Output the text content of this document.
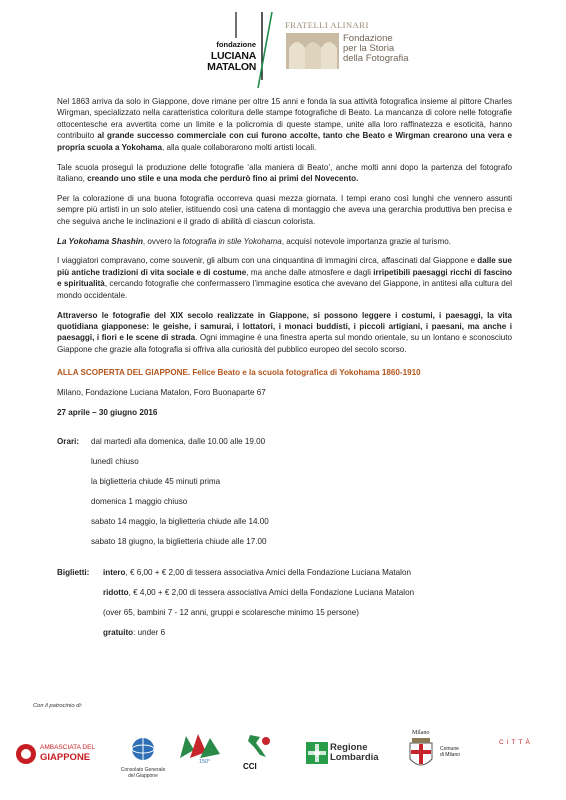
fondazione
LUCIANA
MATALON
FRATELLI ALINARI
Fondazione
per la Storia
della Fotografia

Nel 1863 arriva da solo in Giappone, dove rimane per oltre 15 anni e fonda la sua attività fotografica insieme al pittore Charles Wirgman, specializzato nella caratteristica coloritura delle stampe fotografiche di Beato. La mancanza di colore nelle fotografie ottocentesche era avvertita come un limite e la policromia di queste stampe, unite alla loro raffinatezza e esoticità, hanno contribuito al grande successo commerciale con cui furono accolte, tanto che Beato e Wirgman crearono una vera e propria scuola a Yokohama, alla quale collaborarono molti artisti locali.

Tale scuola proseguì la produzione delle fotografie ‘alla maniera di Beato’, anche molti anni dopo la partenza del fotografo italiano, creando uno stile e una moda che perdurò fino ai primi del Novecento.

Per la colorazione di una buona fotografia occorreva quasi mezza giornata. I tempi erano così lunghi che vennero assunti sempre più artisti in un solo atelier, istituendo così una catena di montaggio che aveva una gerarchia produttiva ben precisa e che seguiva anche le inclinazioni e il grado di abilità di ciascun colorista.

La Yokohama Shashin, ovvero la fotografia in stile Yokohama, acquisì notevole importanza grazie al turismo.

I viaggiatori compravano, come souvenir, gli album con una cinquantina di immagini circa, affascinati dal Giappone e dalle sue più antiche tradizioni di vita sociale e di costume, ma anche dalle atmosfere e dagli irripetibili paesaggi ricchi di fascino e spiritualità, cercando fotografie che confermassero l’immagine esotica che avevano del Giappone, in antitesi alla cultura del mondo occidentale.

Attraverso le fotografie del XIX secolo realizzate in Giappone, si possono leggere i costumi, i paesaggi, la vita quotidiana giapponese: le geishe, i samurai, i lottatori, i monaci buddisti, i piccoli artigiani, i paesani, ma anche i paesaggi, i fiori e le scene di strada. Ogni immagine è una finestra aperta sul mondo orientale, su un lontano e sconosciuto Giappone che grazie alla fotografia si offriva alla curiosità del pubblico europeo del secolo scorso.

ALLA SCOPERTA DEL GIAPPONE. Felice Beato e la scuola fotografica di Yokohama 1860-1910

Milano, Fondazione Luciana Matalon, Foro Buonaparte 67

27 aprile – 30 giugno 2016

Orari:	dal martedì alla domenica, dalle 10.00 alle 19.00

lunedì chiuso

la biglietteria chiude 45 minuti prima

domenica 1 maggio chiuso

sabato 14 maggio, la biglietteria chiude alle 14.00

sabato 18 giugno, la biglietteria chiude alle 17.00

Biglietti:	intero, € 6,00 + € 2,00 di tessera associativa Amici della Fondazione Luciana Matalon

ridotto, € 4,00 + € 2,00 di tessera associativa Amici della Fondazione Luciana Matalon

(over 65, bambini 7 - 12 anni, gruppi e scolaresche minimo 15 persone)

gratuito: under 6

Con il patrocinio di:
AMBASCIATA DEL
GIAPPONE
Consolato Generale
del Giappone
150°	CCI
Regione
Lombardia
Milano
Comune
di Milano
CITTÀ
